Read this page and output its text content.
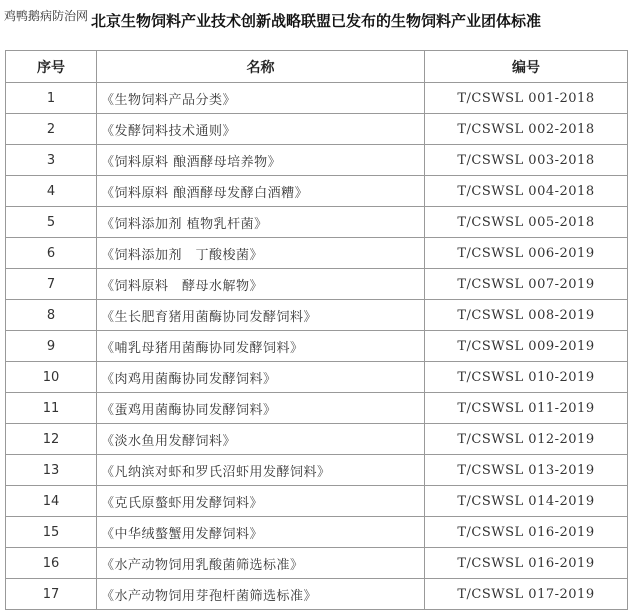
鸡鸭鹅病防治网 北京生物饲料产业技术创新战略联盟已发布的生物饲料产业团体标准
序号	名称	编号
1	《生物饲料产品分类》	T/CSWSL 001-2018
2	《发酵饲料技术通则》	T/CSWSL 002-2018
3	《饲料原料 酿酒酵母培养物》	T/CSWSL 003-2018
4	《饲料原料 酿酒酵母发酵白酒糟》	T/CSWSL 004-2018
5	《饲料添加剂 植物乳杆菌》	T/CSWSL 005-2018
6	《饲料添加剂　丁酸梭菌》	T/CSWSL 006-2019
7	《饲料原料　酵母水解物》	T/CSWSL 007-2019
8	《生长肥育猪用菌酶协同发酵饲料》	T/CSWSL 008-2019
9	《哺乳母猪用菌酶协同发酵饲料》	T/CSWSL 009-2019
10	《肉鸡用菌酶协同发酵饲料》	T/CSWSL 010-2019
11	《蛋鸡用菌酶协同发酵饲料》	T/CSWSL 011-2019
12	《淡水鱼用发酵饲料》	T/CSWSL 012-2019
13	《凡纳滨对虾和罗氏沼虾用发酵饲料》	T/CSWSL 013-2019
14	《克氏原螯虾用发酵饲料》	T/CSWSL 014-2019
15	《中华绒螯蟹用发酵饲料》	T/CSWSL 016-2019
16	《水产动物饲用乳酸菌筛选标准》	T/CSWSL 016-2019
17	《水产动物饲用芽孢杆菌筛选标准》	T/CSWSL 017-2019
